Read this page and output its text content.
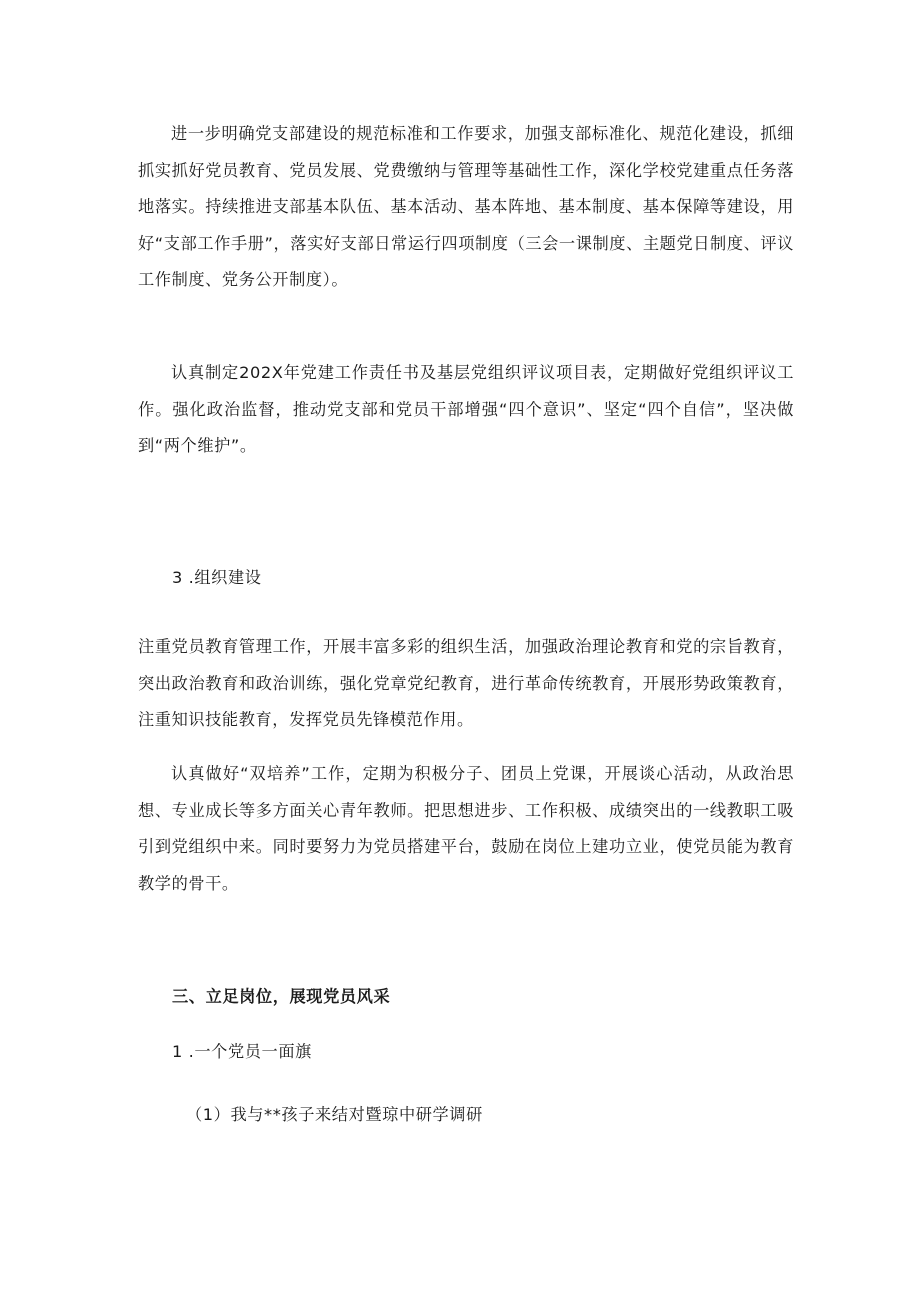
进一步明确党支部建设的规范标准和工作要求，加强支部标准化、规范化建设，抓细抓实抓好党员教育、党员发展、党费缴纳与管理等基础性工作，深化学校党建重点任务落地落实。持续推进支部基本队伍、基本活动、基本阵地、基本制度、基本保障等建设，用好“支部工作手册”，落实好支部日常运行四项制度（三会一课制度、主题党日制度、评议工作制度、党务公开制度）。

认真制定202X年党建工作责任书及基层党组织评议项目表，定期做好党组织评议工作。强化政治监督，推动党支部和党员干部增强“四个意识”、坚定“四个自信”，坚决做到“两个维护”。

3 .组织建设

注重党员教育管理工作，开展丰富多彩的组织生活，加强政治理论教育和党的宗旨教育，突出政治教育和政治训练，强化党章党纪教育，进行革命传统教育，开展形势政策教育，注重知识技能教育，发挥党员先锋模范作用。

认真做好“双培养”工作，定期为积极分子、团员上党课，开展谈心活动，从政治思想、专业成长等多方面关心青年教师。把思想进步、工作积极、成绩突出的一线教职工吸引到党组织中来。同时要努力为党员搭建平台，鼓励在岗位上建功立业，使党员能为教育教学的骨干。

三、立足岗位，展现党员风采
1 .一个党员一面旗
（1）我与**孩子来结对暨琼中研学调研
